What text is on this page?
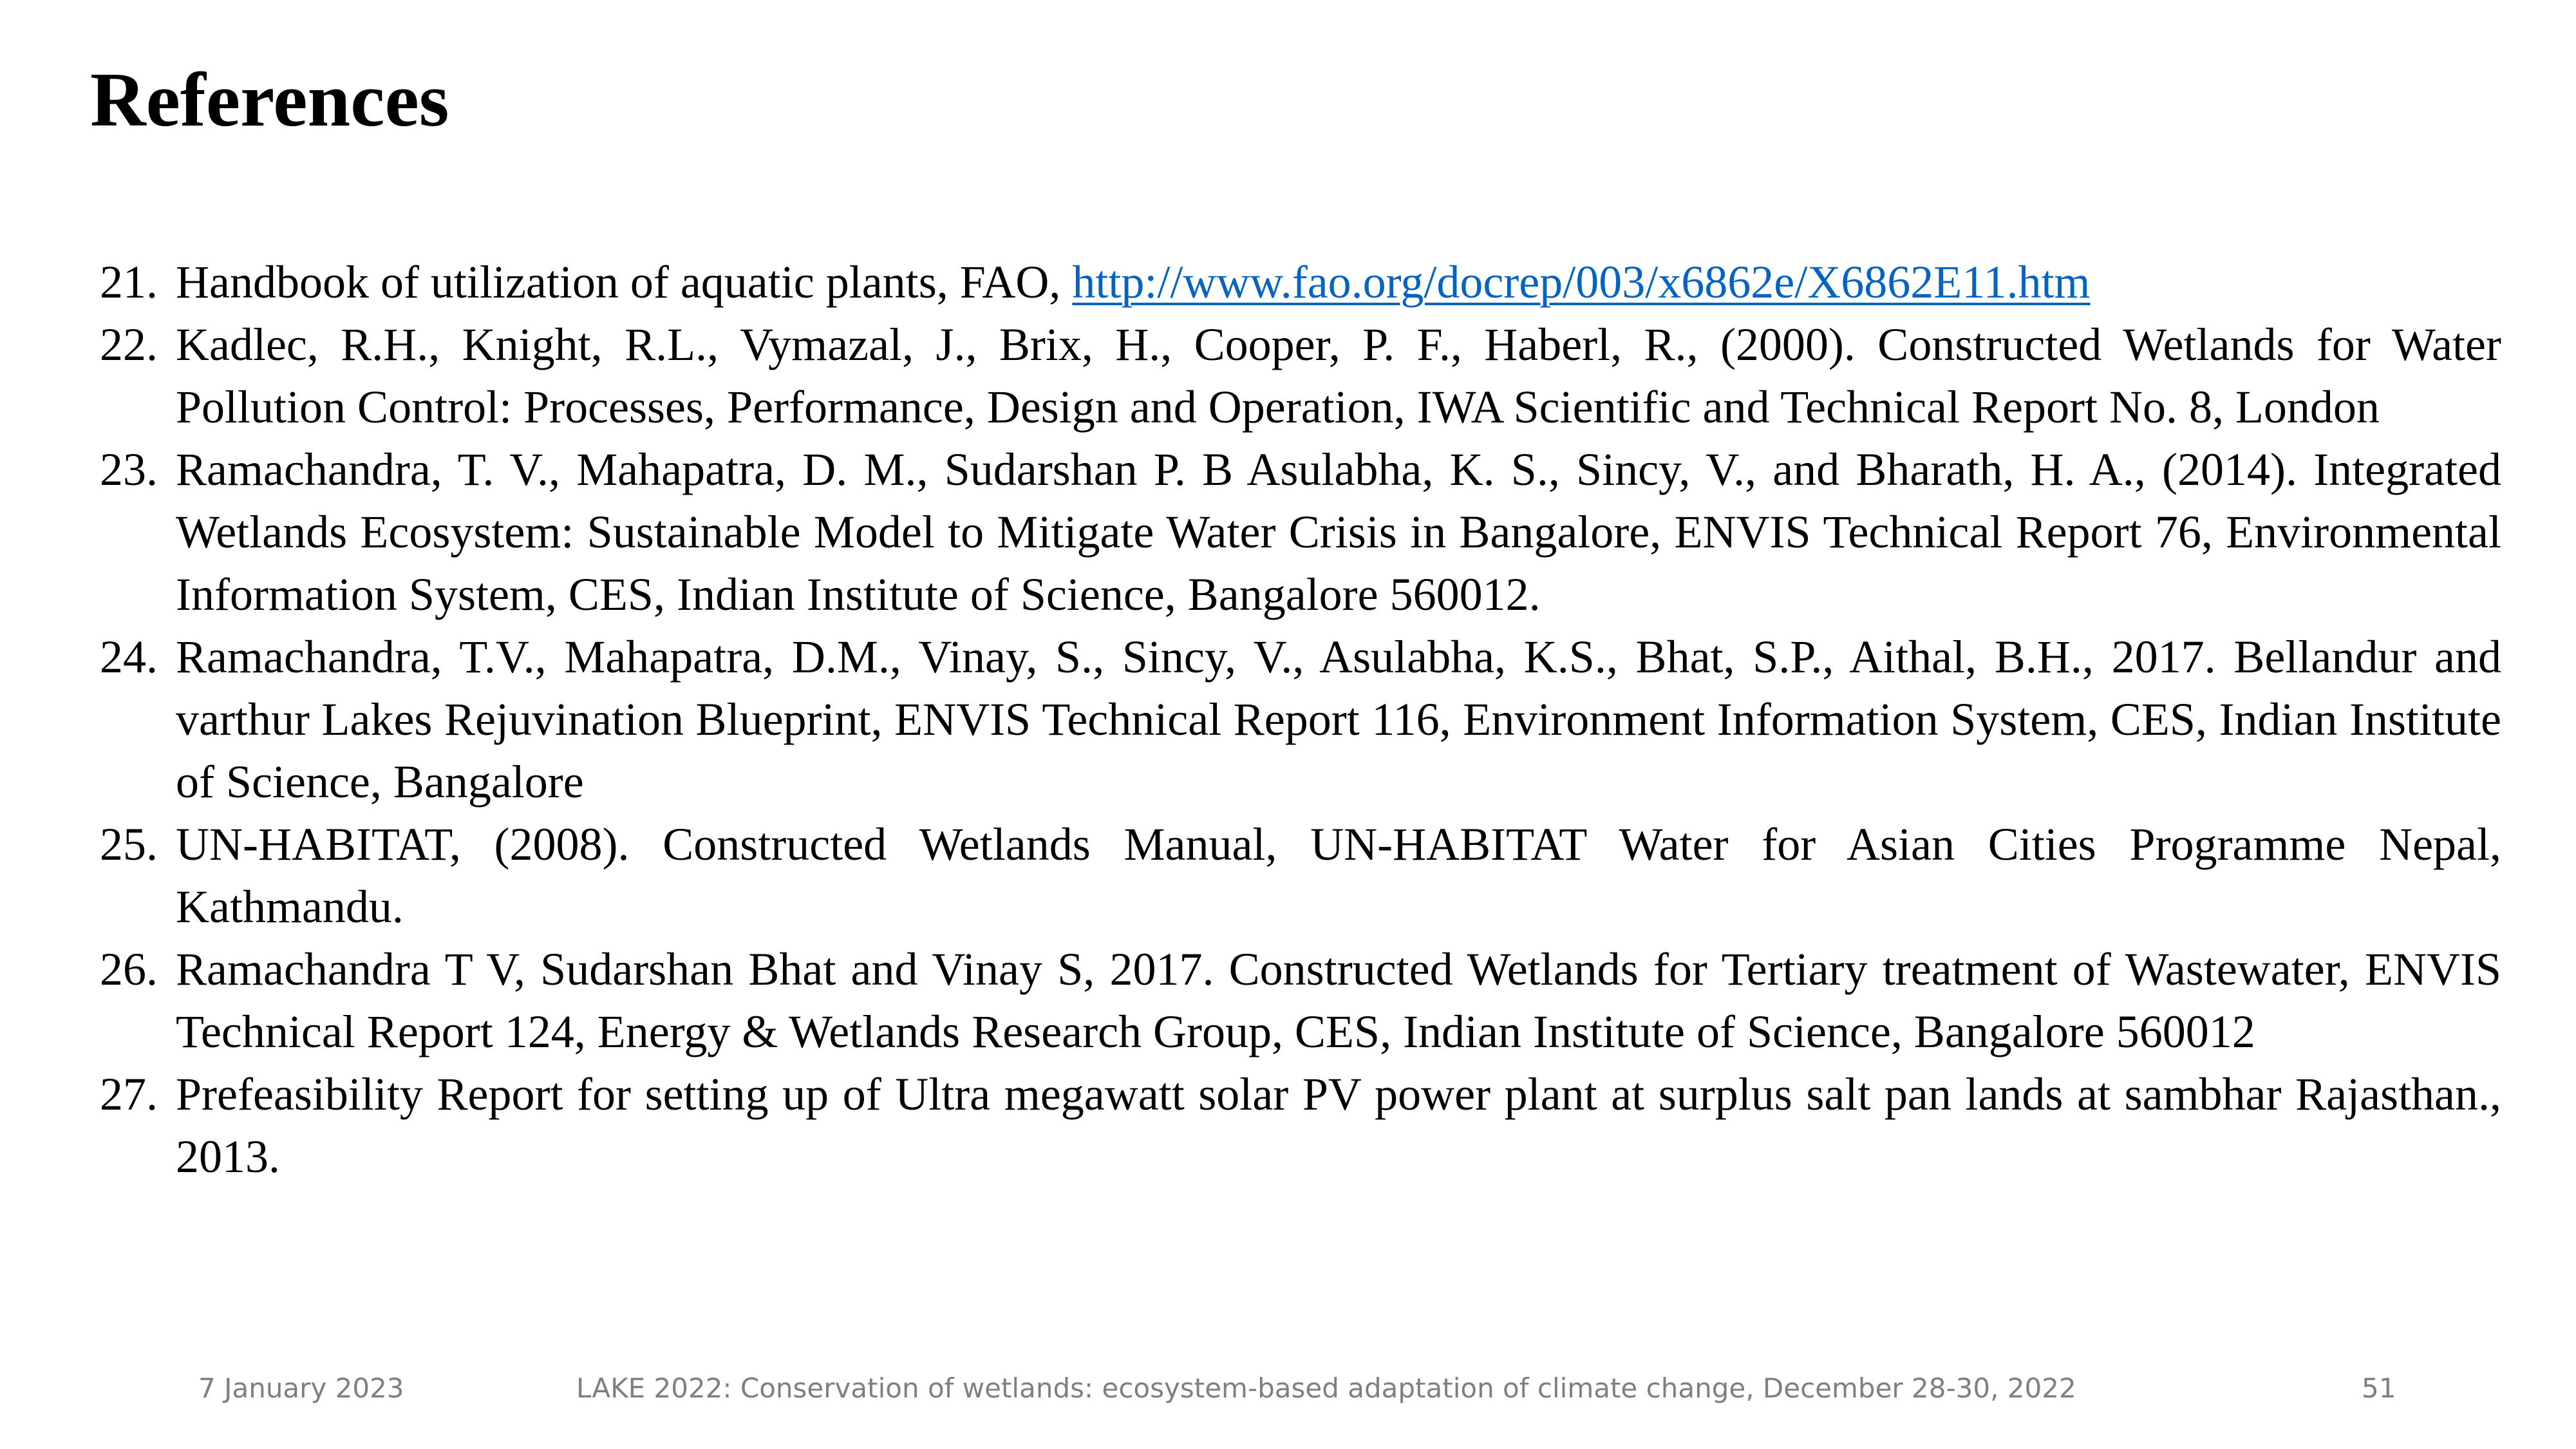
References
21. Handbook of utilization of aquatic plants, FAO, http://www.fao.org/docrep/003/x6862e/X6862E11.htm
22. Kadlec, R.H., Knight, R.L., Vymazal, J., Brix, H., Cooper, P. F., Haberl, R., (2000). Constructed Wetlands for Water Pollution Control: Processes, Performance, Design and Operation, IWA Scientific and Technical Report No. 8, London
23. Ramachandra, T. V., Mahapatra, D. M., Sudarshan P. B Asulabha, K. S., Sincy, V., and Bharath, H. A., (2014). Integrated Wetlands Ecosystem: Sustainable Model to Mitigate Water Crisis in Bangalore, ENVIS Technical Report 76, Environmental Information System, CES, Indian Institute of Science, Bangalore 560012.
24. Ramachandra, T.V., Mahapatra, D.M., Vinay, S., Sincy, V., Asulabha, K.S., Bhat, S.P., Aithal, B.H., 2017. Bellandur and varthur Lakes Rejuvination Blueprint, ENVIS Technical Report 116, Environment Information System, CES, Indian Institute of Science, Bangalore
25. UN-HABITAT, (2008). Constructed Wetlands Manual, UN-HABITAT Water for Asian Cities Programme Nepal, Kathmandu.
26. Ramachandra T V, Sudarshan Bhat and Vinay S, 2017. Constructed Wetlands for Tertiary treatment of Wastewater, ENVIS Technical Report 124, Energy & Wetlands Research Group, CES, Indian Institute of Science, Bangalore 560012
27. Prefeasibility Report for setting up of Ultra megawatt solar PV power plant at surplus salt pan lands at sambhar Rajasthan., 2013.
7 January 2023	LAKE 2022: Conservation of wetlands: ecosystem-based adaptation of climate change, December 28-30, 2022	51
